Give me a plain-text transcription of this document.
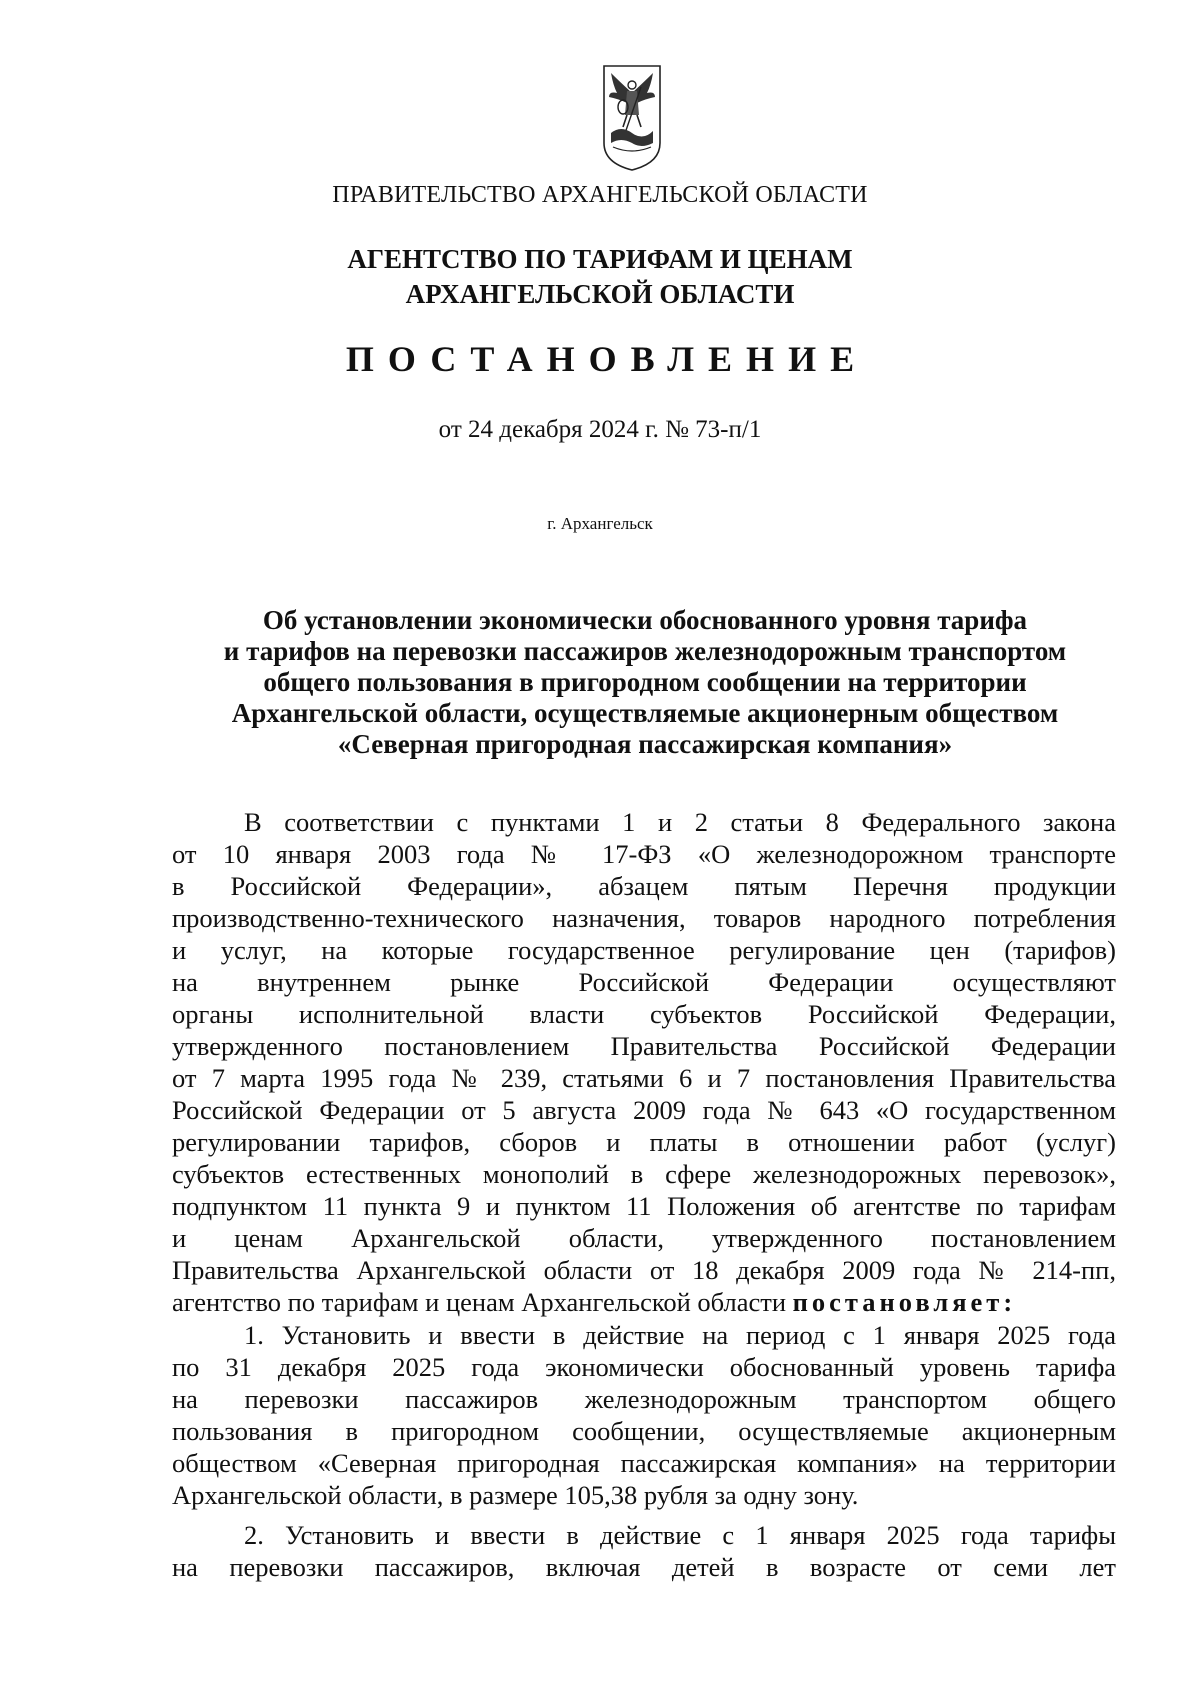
ПРАВИТЕЛЬСТВО АРХАНГЕЛЬСКОЙ ОБЛАСТИ
АГЕНТСТВО ПО ТАРИФАМ И ЦЕНАМ
АРХАНГЕЛЬСКОЙ ОБЛАСТИ
ПОСТАНОВЛЕНИЕ
от 24 декабря 2024 г. № 73-п/1
г. Архангельск
Об установлении экономически обоснованного уровня тарифа
и тарифов на перевозки пассажиров железнодорожным транспортом
общего пользования в пригородном сообщении на территории
Архангельской области, осуществляемые акционерным обществом
«Северная пригородная пассажирская компания»
В соответствии с пунктами 1 и 2 статьи 8 Федерального закона
от 10 января 2003 года № 17-ФЗ «О железнодорожном транспорте
в Российской Федерации», абзацем пятым Перечня продукции
производственно-технического назначения, товаров народного потребления
и услуг, на которые государственное регулирование цен (тарифов)
на внутреннем рынке Российской Федерации осуществляют
органы исполнительной власти субъектов Российской Федерации,
утвержденного постановлением Правительства Российской Федерации
от 7 марта 1995 года № 239, статьями 6 и 7 постановления Правительства
Российской Федерации от 5 августа 2009 года № 643 «О государственном
регулировании тарифов, сборов и платы в отношении работ (услуг)
субъектов естественных монополий в сфере железнодорожных перевозок»,
подпунктом 11 пункта 9 и пунктом 11 Положения об агентстве по тарифам
и ценам Архангельской области, утвержденного постановлением
Правительства Архангельской области от 18 декабря 2009 года № 214-пп,
агентство по тарифам и ценам Архангельской области постановляет:
1. Установить и ввести в действие на период с 1 января 2025 года
по 31 декабря 2025 года экономически обоснованный уровень тарифа
на перевозки пассажиров железнодорожным транспортом общего
пользования в пригородном сообщении, осуществляемые акционерным
обществом «Северная пригородная пассажирская компания» на территории
Архангельской области, в размере 105,38 рубля за одну зону.
2. Установить и ввести в действие с 1 января 2025 года тарифы
на перевозки пассажиров, включая детей в возрасте от семи лет
